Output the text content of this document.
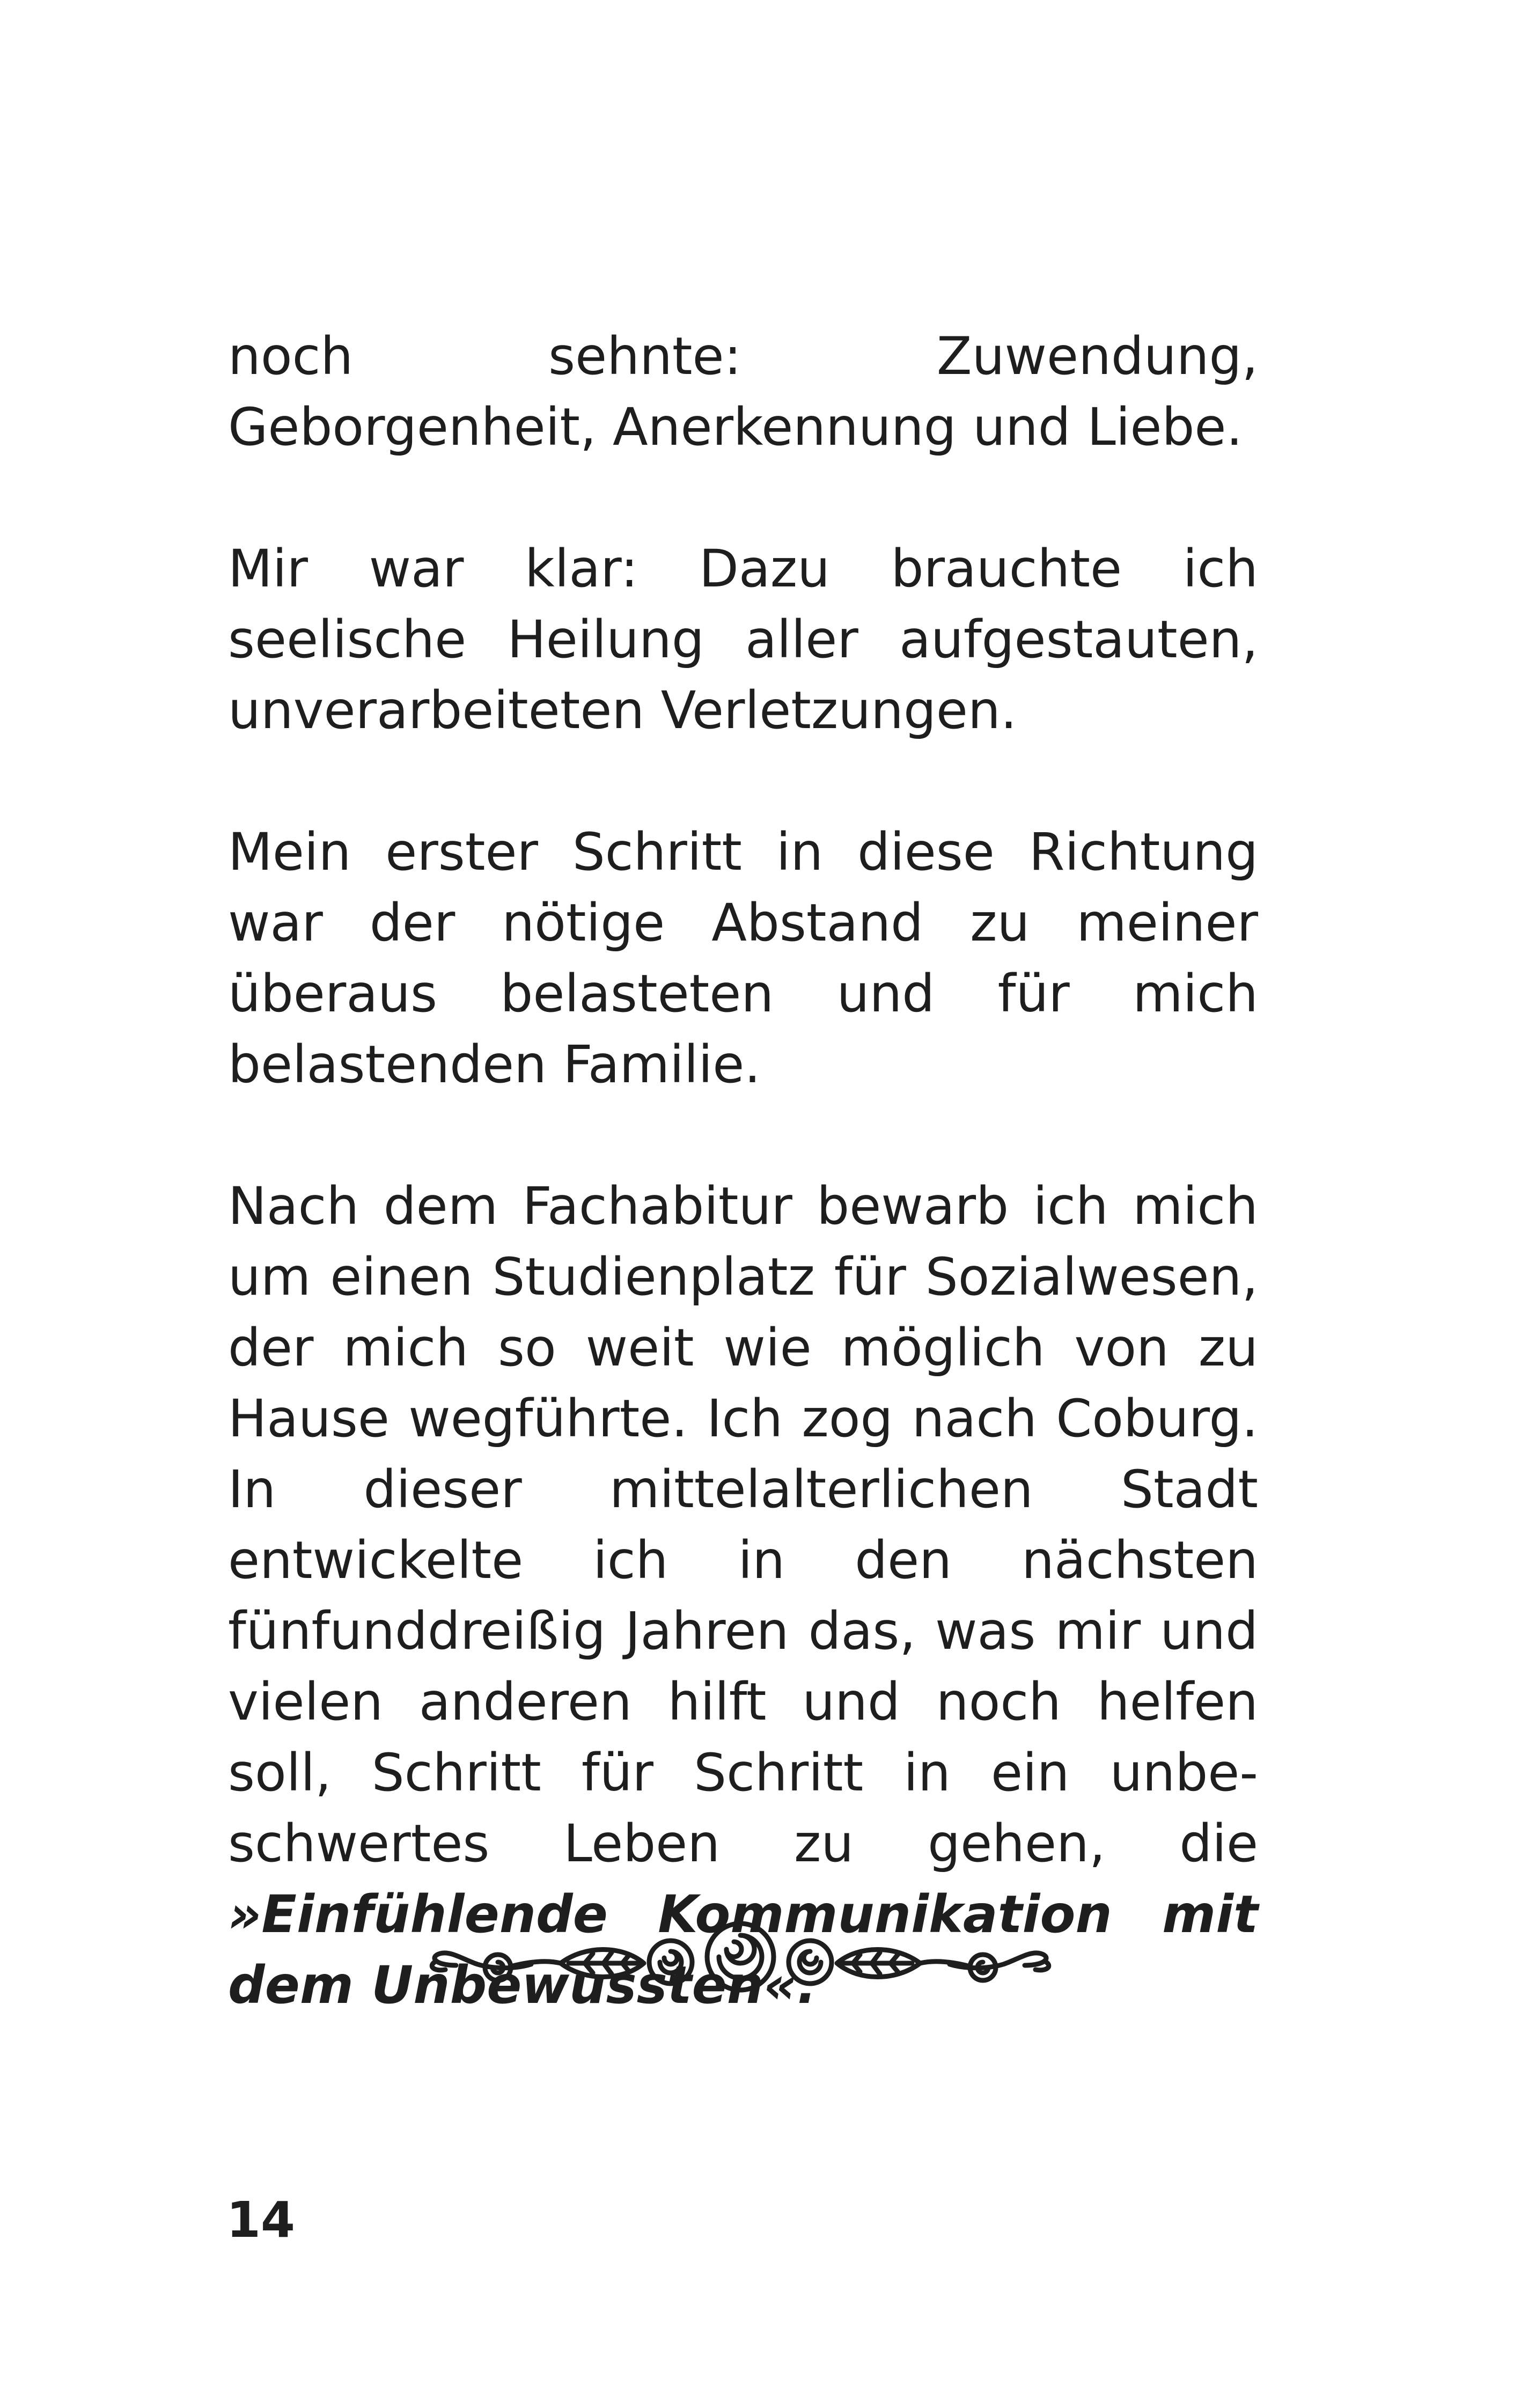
noch sehnte: Zuwendung, Geborgenheit, Anerkennung und Liebe.

Mir war klar: Dazu brauchte ich seelische Heilung aller aufgestauten, unverarbeiteten Verletzungen.

Mein erster Schritt in diese Richtung war der nötige Abstand zu meiner überaus belasteten und für mich belastenden Familie.

Nach dem Fachabitur bewarb ich mich um einen Studienplatz für Sozialwesen, der mich so weit wie möglich von zu Hause wegführte. Ich zog nach Coburg. In dieser mittelalterlichen Stadt entwickelte ich in den nächsten fünfunddreißig Jahren das, was mir und vielen anderen hilft und noch helfen soll, Schritt für Schritt in ein unbeschwertes Leben zu gehen, die »Einfühlende Kommunikation mit dem Unbewussten«.

14
